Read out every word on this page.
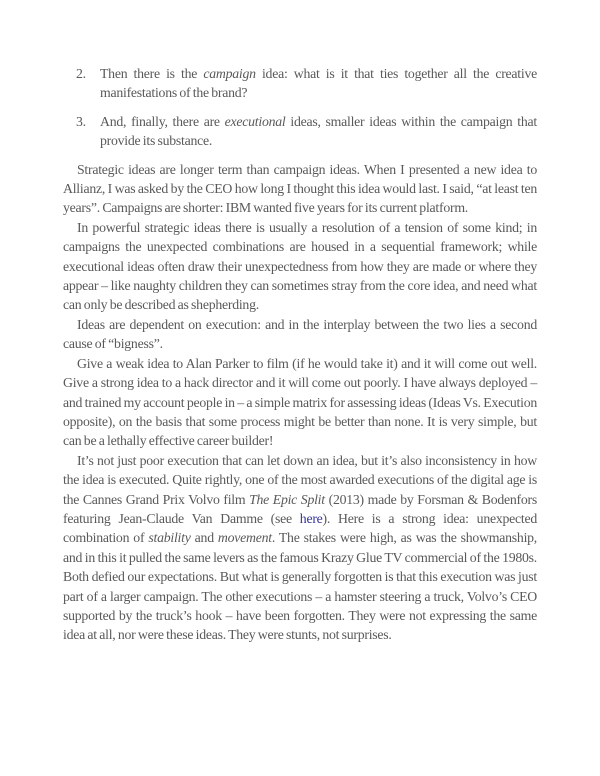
2.	Then there is the campaign idea: what is it that ties together all the creative manifestations of the brand?
3.	And, finally, there are executional ideas, smaller ideas within the campaign that provide its substance.

Strategic ideas are longer term than campaign ideas. When I presented a new idea to Allianz, I was asked by the CEO how long I thought this idea would last. I said, “at least ten years”. Campaigns are shorter: IBM wanted five years for its current platform.

In powerful strategic ideas there is usually a resolution of a tension of some kind; in campaigns the unexpected combinations are housed in a sequential framework; while executional ideas often draw their unexpectedness from how they are made or where they appear – like naughty children they can sometimes stray from the core idea, and need what can only be described as shepherding.

Ideas are dependent on execution: and in the interplay between the two lies a second cause of “bigness”.

Give a weak idea to Alan Parker to film (if he would take it) and it will come out well. Give a strong idea to a hack director and it will come out poorly. I have always deployed – and trained my account people in – a simple matrix for assessing ideas (Ideas Vs. Execution opposite), on the basis that some process might be better than none. It is very simple, but can be a lethally effective career builder!

It’s not just poor execution that can let down an idea, but it’s also inconsistency in how the idea is executed. Quite rightly, one of the most awarded executions of the digital age is the Cannes Grand Prix Volvo film The Epic Split (2013) made by Forsman & Bodenfors featuring Jean-Claude Van Damme (see here). Here is a strong idea: unexpected combination of stability and movement. The stakes were high, as was the showmanship, and in this it pulled the same levers as the famous Krazy Glue TV commercial of the 1980s. Both defied our expectations. But what is generally forgotten is that this execution was just part of a larger campaign. The other executions – a hamster steering a truck, Volvo’s CEO supported by the truck’s hook – have been forgotten. They were not expressing the same idea at all, nor were these ideas. They were stunts, not surprises.
